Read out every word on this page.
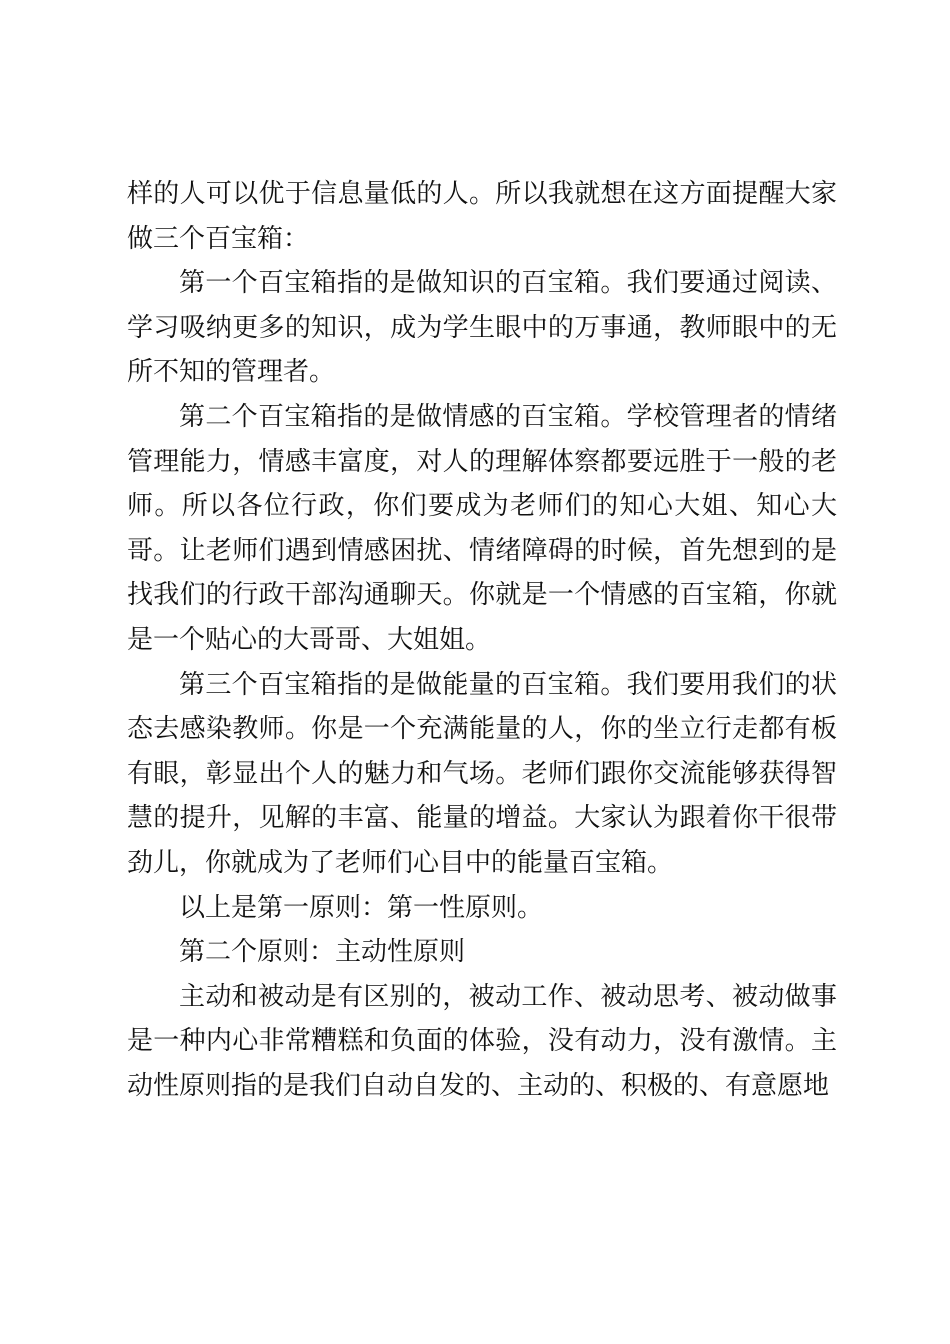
样的人可以优于信息量低的人。所以我就想在这方面提醒大家做三个百宝箱：

第一个百宝箱指的是做知识的百宝箱。我们要通过阅读、学习吸纳更多的知识，成为学生眼中的万事通，教师眼中的无所不知的管理者。

第二个百宝箱指的是做情感的百宝箱。学校管理者的情绪管理能力，情感丰富度，对人的理解体察都要远胜于一般的老师。所以各位行政，你们要成为老师们的知心大姐、知心大哥。让老师们遇到情感困扰、情绪障碍的时候，首先想到的是找我们的行政干部沟通聊天。你就是一个情感的百宝箱，你就是一个贴心的大哥哥、大姐姐。

第三个百宝箱指的是做能量的百宝箱。我们要用我们的状态去感染教师。你是一个充满能量的人，你的坐立行走都有板有眼，彰显出个人的魅力和气场。老师们跟你交流能够获得智慧的提升，见解的丰富、能量的增益。大家认为跟着你干很带劲儿，你就成为了老师们心目中的能量百宝箱。

以上是第一原则：第一性原则。

第二个原则：主动性原则

主动和被动是有区别的，被动工作、被动思考、被动做事是一种内心非常糟糕和负面的体验，没有动力，没有激情。主动性原则指的是我们自动自发的、主动的、积极的、有意愿地
